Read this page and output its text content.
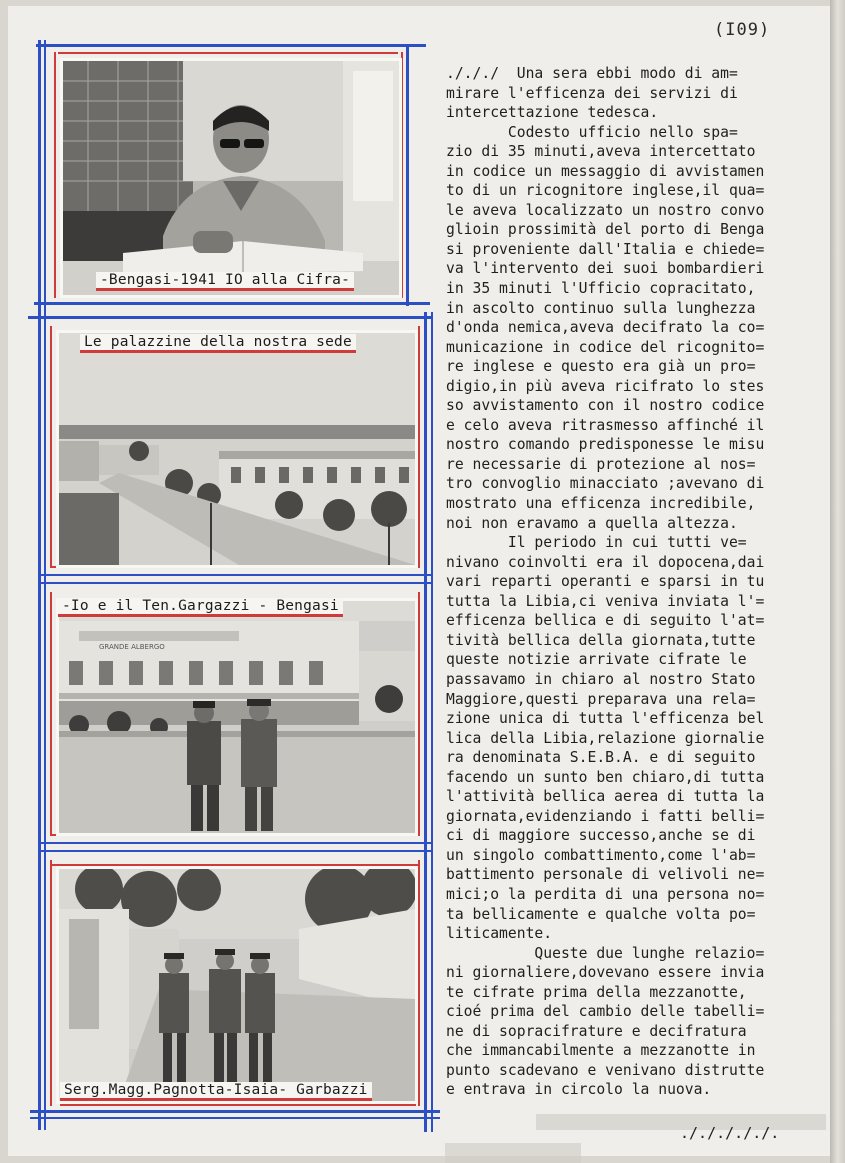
(I09)
-Bengasi-1941 IO alla Cifra-
Le palazzine della nostra sede
GRANDE ALBERGO
-Io e il Ten.Gargazzi - Bengasi
Serg.Magg.Pagnotta-Isaia- Garbazzi
./././  Una sera ebbi modo di am=
mirare l'efficenza dei servizi di
intercettazione tedesca.
Codesto ufficio nello spa=
zio di 35 minuti,aveva intercettato
in codice un messaggio di avvistamen
to di un ricognitore inglese,il qua=
le aveva localizzato un nostro convo
glioin prossimità del porto di Benga
si proveniente dall'Italia e chiede=
va l'intervento dei suoi bombardieri
in 35 minuti l'Ufficio copracitato,
in ascolto continuo sulla lunghezza
d'onda nemica,aveva decifrato la co=
municazione in codice del ricognito=
re inglese e questo era già un pro=
digio,in più aveva ricifrato lo stes
so avvistamento con il nostro codice
e celo aveva ritrasmesso affinché il
nostro comando predisponesse le misu
re necessarie di protezione al nos=
tro convoglio minacciato ;avevano di
mostrato una efficenza incredibile,
noi non eravamo a quella altezza.
Il periodo in cui tutti ve=
nivano coinvolti era il dopocena,dai
vari reparti operanti e sparsi in tu
tutta la Libia,ci veniva inviata l'=
efficenza bellica e di seguito l'at=
tività bellica della giornata,tutte
queste notizie arrivate cifrate le
passavamo in chiaro al nostro Stato
Maggiore,questi preparava una rela=
zione unica di tutta l'efficenza bel
lica della Libia,relazione giornalie
ra denominata S.E.B.A. e di seguito
facendo un sunto ben chiaro,di tutta
l'attività bellica aerea di tutta la
giornata,evidenziando i fatti belli=
ci di maggiore successo,anche se di
un singolo combattimento,come l'ab=
battimento personale di velivoli ne=
mici;o la perdita di una persona no=
ta bellicamente e qualche volta po=
liticamente.
Queste due lunghe relazio=
ni giornaliere,dovevano essere invia
te cifrate prima della mezzanotte,
cioé prima del cambio delle tabelli=
ne di sopracifrature e decifratura
che immancabilmente a mezzanotte in
punto scadevano e venivano distrutte
e entrava in circolo la nuova.
./././././.
